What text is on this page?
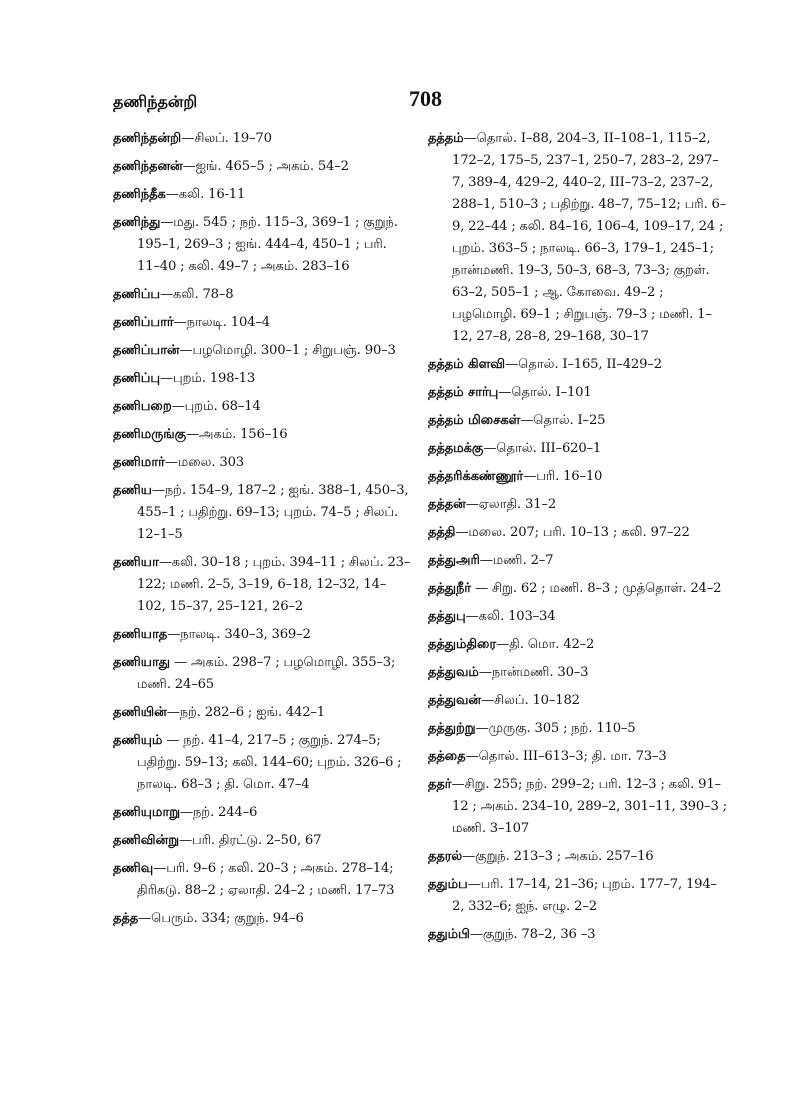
தணிந்தன்றி	708
தணிந்தன்றி—சிலப். 19–70
தணிந்தனன்—ஐங். 465–5 ; அகம். 54–2
தணிந்தீக—கலி. 16-11
தணிந்து—மது. 545 ; நற். 115–3, 369–1 ; குறுந். 195–1, 269–3 ; ஐங். 444–4, 450–1 ; பரி. 11–40 ; கலி. 49–7 ; அகம். 283–16
தணிப்ப—கலி. 78–8
தணிப்பார்—நாலடி. 104–4
தணிப்பான்—பழமொழி. 300–1 ; சிறுபஞ். 90–3
தணிப்பு—புறம். 198-13
தணிபறை—புறம். 68–14
தணிமருங்கு—அகம். 156–16
தணிமார்—மலை. 303
தணிய—நற். 154–9, 187–2 ; ஐங். 388–1, 450–3, 455–1 ; பதிற்று. 69–13; புறம். 74–5 ; சிலப். 12–1–5
தணியா—கலி. 30–18 ; புறம். 394–11 ; சிலப். 23–122; மணி. 2–5, 3–19, 6–18, 12–32, 14–102, 15–37, 25–121, 26–2
தணியாத—நாலடி. 340–3, 369–2
தணியாது — அகம். 298–7 ; பழமொழி. 355–3; மணி. 24–65
தணியின்—நற். 282–6 ; ஐங். 442–1
தணியும் — நற். 41–4, 217–5 ; குறுந். 274–5; பதிற்று. 59–13; கலி. 144–60; புறம். 326–6 ; நாலடி. 68–3 ; தி. மொ. 47–4
தணியுமாறு—நற். 244–6
தணிவின்று—பரி. திரட்டு. 2–50, 67
தணிவு—பரி. 9–6 ; கலி. 20–3 ; அகம். 278–14; திரிகடு. 88–2 ; ஏலாதி. 24–2 ; மணி. 17–73
தத்த—பெரும். 334; குறுந். 94–6
தத்தம்—தொல். I–88, 204–3, II–108–1, 115–2, 172–2, 175–5, 237–1, 250–7, 283–2, 297–7, 389–4, 429–2, 440–2, III–73–2, 237–2, 288–1, 510–3 ; பதிற்று. 48–7, 75–12; பரி. 6–9, 22–44 ; கலி. 84–16, 106–4, 109–17, 24 ; புறம். 363–5 ; நாலடி. 66–3, 179–1, 245–1; நான்மணி. 19–3, 50–3, 68–3, 73–3; குறள். 63–2, 505–1 ; ஆ. கோவை. 49–2 ; பழமொழி. 69–1 ; சிறுபஞ். 79–3 ; மணி. 1–12, 27–8, 28–8, 29–168, 30–17
தத்தம் கிளவி—தொல். I–165, II–429–2
தத்தம் சார்பு—தொல். I–101
தத்தம் மிசைகள்—தொல். I–25
தத்தமக்கு—தொல். III–620–1
தத்தரிக்கண்ணூர்—பரி. 16–10
தத்தன்—ஏலாதி. 31–2
தத்தி—மலை. 207; பரி. 10–13 ; கலி. 97–22
தத்துஅரி—மணி. 2–7
தத்துநீர் — சிறு. 62 ; மணி. 8–3 ; முத்தொள். 24–2
தத்துபு—கலி. 103–34
தத்தும்திரை—தி. மொ. 42–2
தத்துவம்—நான்மணி. 30–3
தத்துவன்—சிலப். 10–182
தத்துற்று—முருகு. 305 ; நற். 110–5
தத்தை—தொல். III–613–3; தி. மா. 73–3
ததர்—சிறு. 255; நற். 299–2; பரி. 12–3 ; கலி. 91–12 ; அகம். 234–10, 289–2, 301–11, 390–3 ; மணி. 3–107
ததரல்—குறுந். 213–3 ; அகம். 257–16
ததும்ப—பரி. 17–14, 21–36; புறம். 177–7, 194–2, 332–6; ஐந். எழு. 2–2
ததும்பி—குறுந். 78–2, 36 –3
